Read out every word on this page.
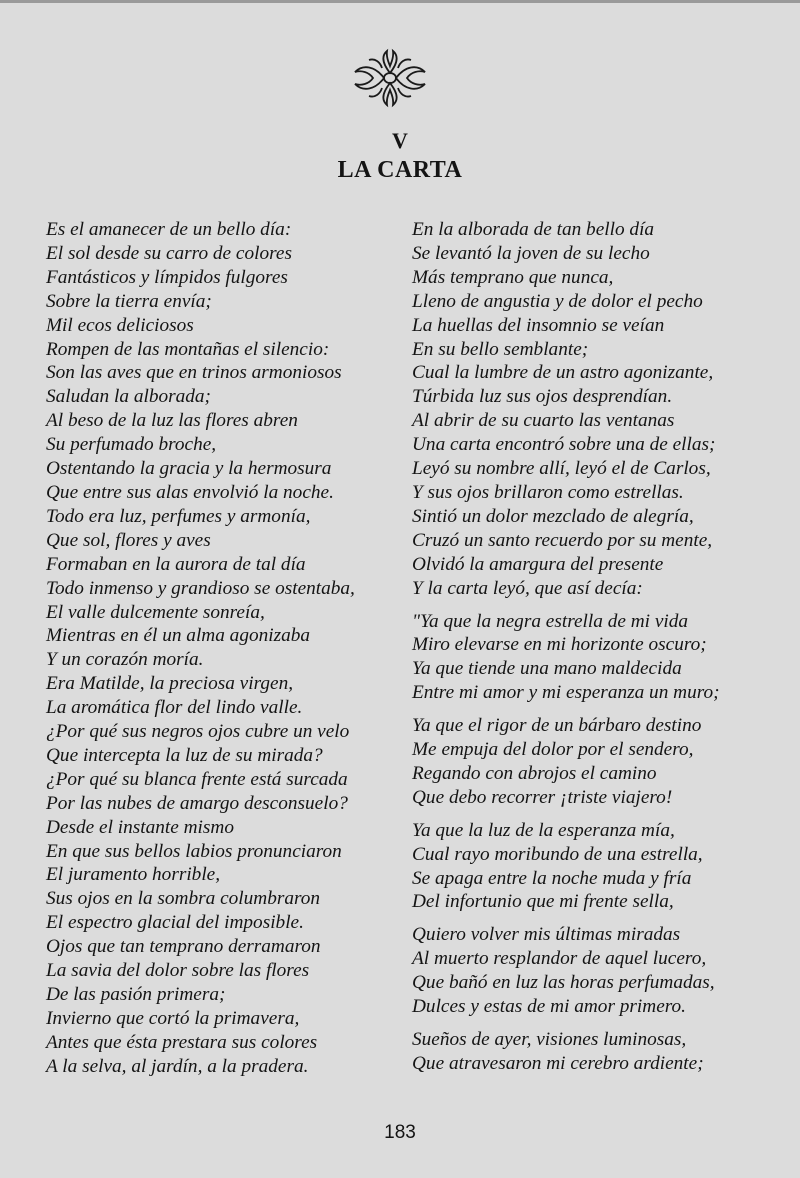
V
LA CARTA
Es el amanecer de un bello día:
El sol desde su carro de colores
Fantásticos y límpidos fulgores
Sobre la tierra envía;
Mil ecos deliciosos
Rompen de las montañas el silencio:
Son las aves que en trinos armoniosos
Saludan la alborada;
Al beso de la luz las flores abren
Su perfumado broche,
Ostentando la gracia y la hermosura
Que entre sus alas envolvió la noche.
Todo era luz, perfumes y armonía,
Que sol, flores y aves
Formaban en la aurora de tal día
Todo inmenso y grandioso se ostentaba,
El valle dulcemente sonreía,
Mientras en él un alma agonizaba
Y un corazón moría.
Era Matilde, la preciosa virgen,
La aromática flor del lindo valle.
¿Por qué sus negros ojos cubre un velo
Que intercepta la luz de su mirada?
¿Por qué su blanca frente está surcada
Por las nubes de amargo desconsuelo?
Desde el instante mismo
En que sus bellos labios pronunciaron
El juramento horrible,
Sus ojos en la sombra columbraron
El espectro glacial del imposible.
Ojos que tan temprano derramaron
La savia del dolor sobre las flores
De las pasión primera;
Invierno que cortó la primavera,
Antes que ésta prestara sus colores
A la selva, al jardín, a la pradera.
En la alborada de tan bello día
Se levantó la joven de su lecho
Más temprano que nunca,
Lleno de angustia y de dolor el pecho
La huellas del insomnio se veían
En su bello semblante;
Cual la lumbre de un astro agonizante,
Túrbida luz sus ojos desprendían.
Al abrir de su cuarto las ventanas
Una carta encontró sobre una de ellas;
Leyó su nombre allí, leyó el de Carlos,
Y sus ojos brillaron como estrellas.
Sintió un dolor mezclado de alegría,
Cruzó un santo recuerdo por su mente,
Olvidó la amargura del presente
Y la carta leyó, que así decía:
"Ya que la negra estrella de mi vida
Miro elevarse en mi horizonte oscuro;
Ya que tiende una mano maldecida
Entre mi amor y mi esperanza un muro;
Ya que el rigor de un bárbaro destino
Me empuja del dolor por el sendero,
Regando con abrojos el camino
Que debo recorrer ¡triste viajero!
Ya que la luz de la esperanza mía,
Cual rayo moribundo de una estrella,
Se apaga entre la noche muda y fría
Del infortunio que mi frente sella,
Quiero volver mis últimas miradas
Al muerto resplandor de aquel lucero,
Que bañó en luz las horas perfumadas,
Dulces y estas de mi amor primero.
Sueños de ayer, visiones luminosas,
Que atravesaron mi cerebro ardiente;
183
